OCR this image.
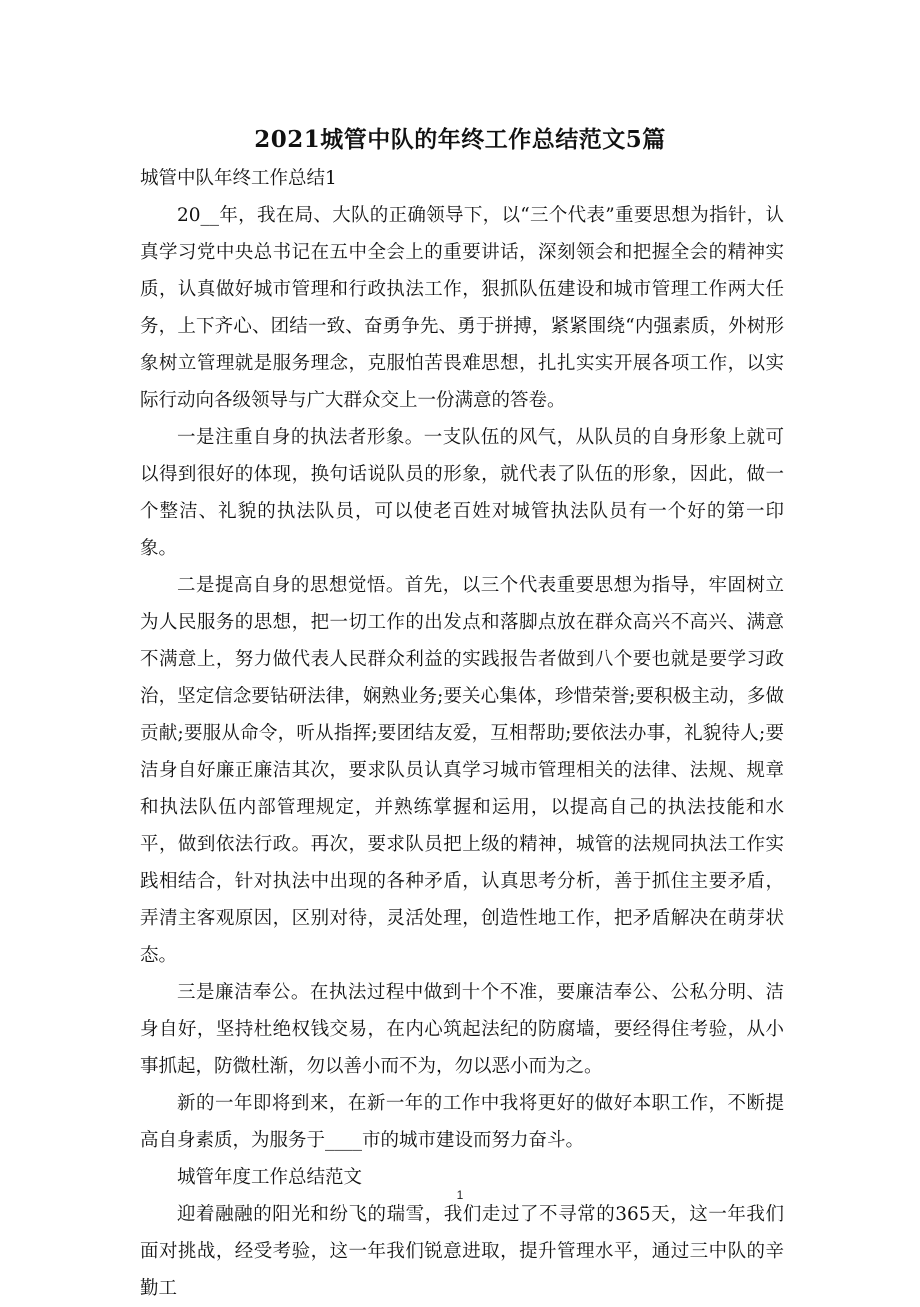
2021城管中队的年终工作总结范文5篇

城管中队年终工作总结1

20__年，我在局、大队的正确领导下，以“三个代表”重要思想为指针，认真学习党中央总书记在五中全会上的重要讲话，深刻领会和把握全会的精神实质，认真做好城市管理和行政执法工作，狠抓队伍建设和城市管理工作两大任务，上下齐心、团结一致、奋勇争先、勇于拼搏，紧紧围绕“内强素质，外树形象树立管理就是服务理念，克服怕苦畏难思想，扎扎实实开展各项工作，以实际行动向各级领导与广大群众交上一份满意的答卷。

一是注重自身的执法者形象。一支队伍的风气，从队员的自身形象上就可以得到很好的体现，换句话说队员的形象，就代表了队伍的形象，因此，做一个整洁、礼貌的执法队员，可以使老百姓对城管执法队员有一个好的第一印象。

二是提高自身的思想觉悟。首先，以三个代表重要思想为指导，牢固树立为人民服务的思想，把一切工作的出发点和落脚点放在群众高兴不高兴、满意不满意上，努力做代表人民群众利益的实践报告者做到八个要也就是要学习政治，坚定信念要钻研法律，娴熟业务;要关心集体，珍惜荣誉;要积极主动，多做贡献;要服从命令，听从指挥;要团结友爱，互相帮助;要依法办事，礼貌待人;要洁身自好廉正廉洁其次，要求队员认真学习城市管理相关的法律、法规、规章和执法队伍内部管理规定，并熟练掌握和运用，以提高自己的执法技能和水平，做到依法行政。再次，要求队员把上级的精神，城管的法规同执法工作实践相结合，针对执法中出现的各种矛盾，认真思考分析，善于抓住主要矛盾，弄清主客观原因，区别对待，灵活处理，创造性地工作，把矛盾解决在萌芽状态。

三是廉洁奉公。在执法过程中做到十个不准，要廉洁奉公、公私分明、洁身自好，坚持杜绝权钱交易，在内心筑起法纪的防腐墙，要经得住考验，从小事抓起，防微杜渐，勿以善小而不为，勿以恶小而为之。

新的一年即将到来，在新一年的工作中我将更好的做好本职工作，不断提高自身素质，为服务于____市的城市建设而努力奋斗。

城管年度工作总结范文

迎着融融的阳光和纷飞的瑞雪，我们走过了不寻常的365天，这一年我们面对挑战，经受考验，这一年我们锐意进取，提升管理水平，通过三中队的辛勤工

1
